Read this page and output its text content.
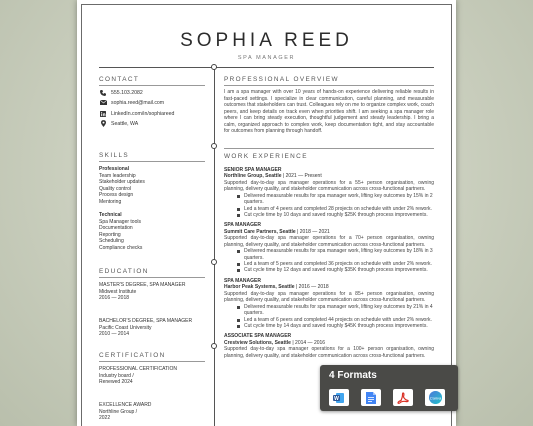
SOPHIA REED
SPA MANAGER
CONTACT
555.103.2082
sophia.reed@mail.com
LinkedIn.com/in/sophiareed
Seattle, WA
SKILLS
Professional
Team leadership
Stakeholder updates
Quality control
Process design
Mentoring
Technical
Spa Manager tools
Documentation
Reporting
Scheduling
Compliance checks
EDUCATION
MASTER'S DEGREE, SPA MANAGER
Midwest Institute
2016 — 2018
BACHELOR'S DEGREE, SPA MANAGER
Pacific Coast University
2010 — 2014
CERTIFICATION
PROFESSIONAL CERTIFICATION
Industry board /
Renewed 2024
EXCELLENCE AWARD
Northline Group /
2022
PROFESSIONAL OVERVIEW
I am a spa manager with over 10 years of hands-on experience delivering reliable results in fast-paced settings. I specialize in clear communication, careful planning, and measurable outcomes that stakeholders can trust. Colleagues rely on me to organize complex work, coach peers, and keep details on track even when priorities shift. I am seeking a spa manager role where I can bring steady execution, thoughtful judgement and steady leadership. I bring a calm, organized approach to complex work, keep documentation tight, and stay accountable for outcomes from planning through handoff.
WORK EXPERIENCE
SENIOR SPA MANAGER
Northline Group, Seattle | 2021 — Present
Supported day-to-day spa manager operations for a 55+ person organisation, owning planning, delivery quality, and stakeholder communication across cross-functional partners.
Delivered measurable results for spa manager work, lifting key outcomes by 15% in 2 quarters.
Led a team of 4 peers and completed 28 projects on schedule with under 2% rework.
Cut cycle time by 10 days and saved roughly $25K through process improvements.
SPA MANAGER
Summit Care Partners, Seattle | 2018 — 2021
Supported day-to-day spa manager operations for a 70+ person organisation, owning planning, delivery quality, and stakeholder communication across cross-functional partners.
Delivered measurable results for spa manager work, lifting key outcomes by 18% in 3 quarters.
Led a team of 5 peers and completed 36 projects on schedule with under 2% rework.
Cut cycle time by 12 days and saved roughly $35K through process improvements.
SPA MANAGER
Harbor Peak Systems, Seattle | 2016 — 2018
Supported day-to-day spa manager operations for a 85+ person organisation, owning planning, delivery quality, and stakeholder communication across cross-functional partners.
Delivered measurable results for spa manager work, lifting key outcomes by 21% in 4 quarters.
Led a team of 6 peers and completed 44 projects on schedule with under 2% rework.
Cut cycle time by 14 days and saved roughly $45K through process improvements.
ASSOCIATE SPA MANAGER
Crestview Solutions, Seattle | 2014 — 2016
Supported day-to-day spa manager operations for a 100+ person organisation, owning planning, delivery quality, and stakeholder communication across cross-functional partners.
4 Formats
W	Canva
